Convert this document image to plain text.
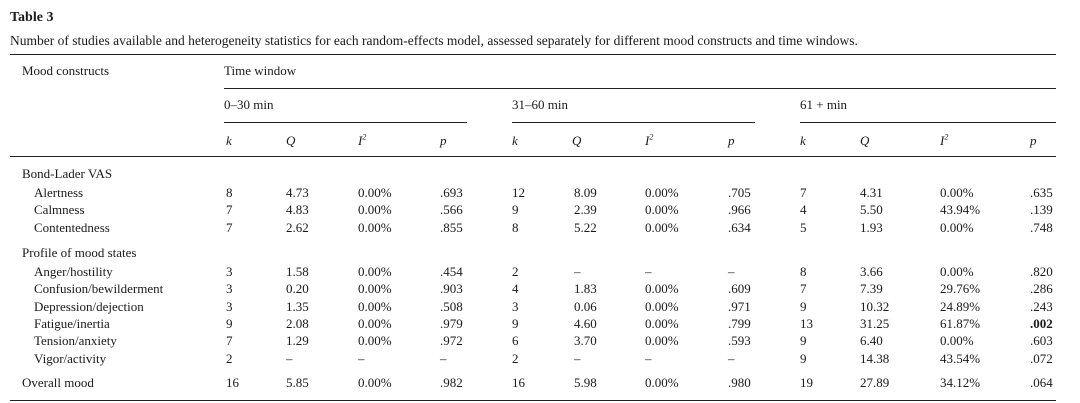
Table 3
Number of studies available and heterogeneity statistics for each random-effects model, assessed separately for different mood constructs and time windows.
Mood constructs	Time window
0–30 min	31–60 min	61 + min
k	Q	$I^2$	p	k	Q	$I^2$	p	k	Q	$I^2$	p
Bond-Lader VAS
Alertness	8	4.73	0.00%	.693	12	8.09	0.00%	.705	7	4.31	0.00%	.635
Calmness	7	4.83	0.00%	.566	9	2.39	0.00%	.966	4	5.50	43.94%	.139
Contentedness	7	2.62	0.00%	.855	8	5.22	0.00%	.634	5	1.93	0.00%	.748
Profile of mood states
Anger/hostility	3	1.58	0.00%	.454	2	–	–	–	8	3.66	0.00%	.820
Confusion/bewilderment	3	0.20	0.00%	.903	4	1.83	0.00%	.609	7	7.39	29.76%	.286
Depression/dejection	3	1.35	0.00%	.508	3	0.06	0.00%	.971	9	10.32	24.89%	.243
Fatigue/inertia	9	2.08	0.00%	.979	9	4.60	0.00%	.799	13	31.25	61.87%	.002
Tension/anxiety	7	1.29	0.00%	.972	6	3.70	0.00%	.593	9	6.40	0.00%	.603
Vigor/activity	2	–	–	–	2	–	–	–	9	14.38	43.54%	.072
Overall mood	16	5.85	0.00%	.982	16	5.98	0.00%	.980	19	27.89	34.12%	.064
